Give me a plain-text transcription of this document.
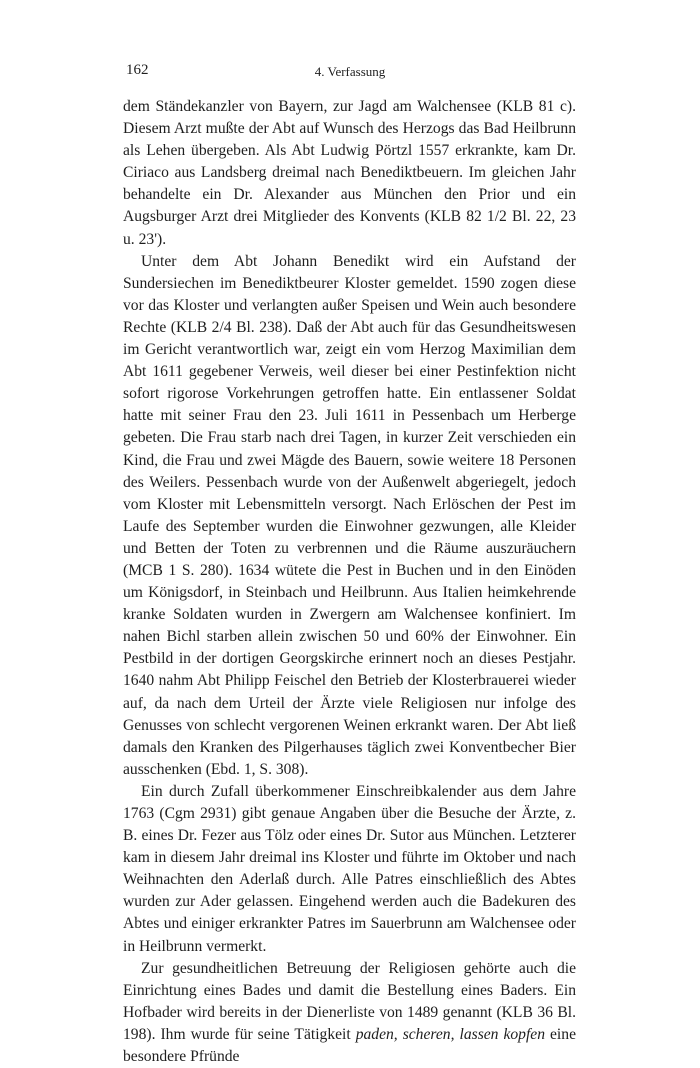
162	4. Verfassung

dem Ständekanzler von Bayern, zur Jagd am Walchensee (KLB 81 c). Diesem Arzt mußte der Abt auf Wunsch des Herzogs das Bad Heilbrunn als Lehen übergeben. Als Abt Ludwig Pörtzl 1557 erkrankte, kam Dr. Ciriaco aus Landsberg dreimal nach Benediktbeuern. Im gleichen Jahr behandelte ein Dr. Alexander aus München den Prior und ein Augsburger Arzt drei Mitglieder des Konvents (KLB 82 1/2 Bl. 22, 23 u. 23').

Unter dem Abt Johann Benedikt wird ein Aufstand der Sundersiechen im Benediktbeurer Kloster gemeldet. 1590 zogen diese vor das Kloster und verlangten außer Speisen und Wein auch besondere Rechte (KLB 2/4 Bl. 238). Daß der Abt auch für das Gesundheitswesen im Gericht verantwortlich war, zeigt ein vom Herzog Maximilian dem Abt 1611 gegebener Verweis, weil dieser bei einer Pestinfektion nicht sofort rigorose Vorkehrungen getroffen hatte. Ein entlassener Soldat hatte mit seiner Frau den 23. Juli 1611 in Pessenbach um Herberge gebeten. Die Frau starb nach drei Tagen, in kurzer Zeit verschieden ein Kind, die Frau und zwei Mägde des Bauern, sowie weitere 18 Personen des Weilers. Pessenbach wurde von der Außenwelt abgeriegelt, jedoch vom Kloster mit Lebensmitteln versorgt. Nach Erlöschen der Pest im Laufe des September wurden die Einwohner gezwungen, alle Kleider und Betten der Toten zu verbrennen und die Räume auszuräuchern (MCB 1 S. 280). 1634 wütete die Pest in Buchen und in den Einöden um Königsdorf, in Steinbach und Heilbrunn. Aus Italien heimkehrende kranke Soldaten wurden in Zwergern am Walchensee konfiniert. Im nahen Bichl starben allein zwischen 50 und 60% der Einwohner. Ein Pestbild in der dortigen Georgskirche erinnert noch an dieses Pestjahr. 1640 nahm Abt Philipp Feischel den Betrieb der Klosterbrauerei wieder auf, da nach dem Urteil der Ärzte viele Religiosen nur infolge des Genusses von schlecht vergorenen Weinen erkrankt waren. Der Abt ließ damals den Kranken des Pilgerhauses täglich zwei Konventbecher Bier ausschenken (Ebd. 1, S. 308).

Ein durch Zufall überkommener Einschreibkalender aus dem Jahre 1763 (Cgm 2931) gibt genaue Angaben über die Besuche der Ärzte, z. B. eines Dr. Fezer aus Tölz oder eines Dr. Sutor aus München. Letzterer kam in diesem Jahr dreimal ins Kloster und führte im Oktober und nach Weihnachten den Aderlaß durch. Alle Patres einschließlich des Abtes wurden zur Ader gelassen. Eingehend werden auch die Badekuren des Abtes und einiger erkrankter Patres im Sauerbrunn am Walchensee oder in Heilbrunn vermerkt.

Zur gesundheitlichen Betreuung der Religiosen gehörte auch die Einrichtung eines Bades und damit die Bestellung eines Baders. Ein Hofbader wird bereits in der Dienerliste von 1489 genannt (KLB 36 Bl. 198). Ihm wurde für seine Tätigkeit paden, scheren, lassen kopfen eine besondere Pfründe
